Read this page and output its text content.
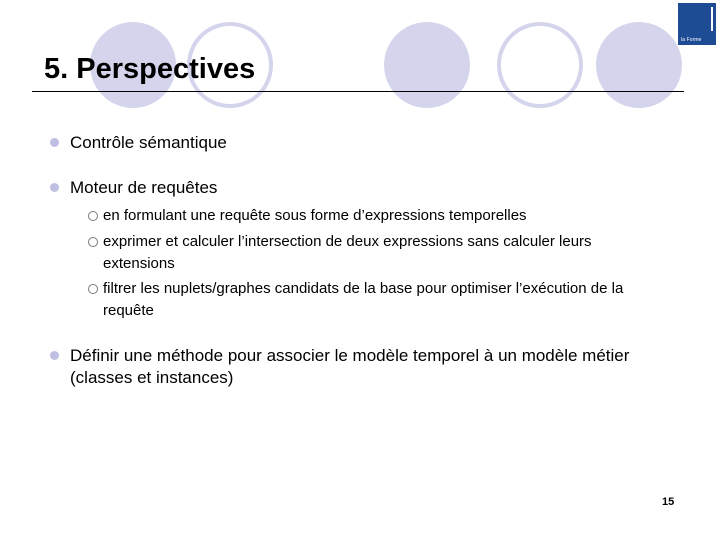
la Forme
5. Perspectives
Contrôle sémantique
Moteur de requêtes
en formulant une requête sous forme d’expressions temporelles
exprimer et calculer l’intersection de deux expressions sans calculer leurs extensions
filtrer les nuplets/graphes candidats de la base pour optimiser l’exécution de la requête
Définir une méthode pour associer le modèle temporel à un modèle métier (classes et instances)
15
